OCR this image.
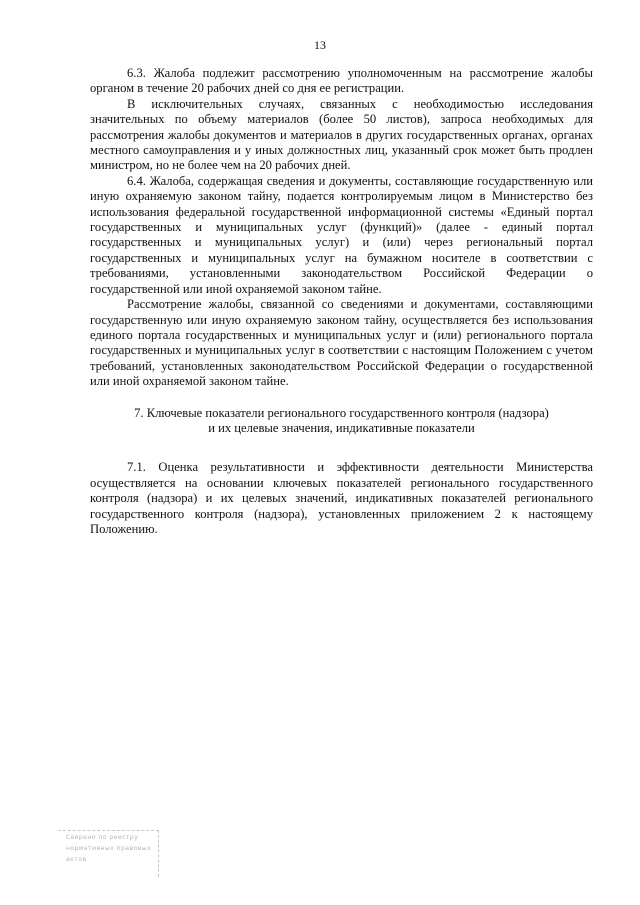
13

6.3. Жалоба подлежит рассмотрению уполномоченным на рассмотрение жалобы органом в течение 20 рабочих дней со дня ее регистрации.

В исключительных случаях, связанных с необходимостью исследования значительных по объему материалов (более 50 листов), запроса необходимых для рассмотрения жалобы документов и материалов в других государственных органах, органах местного самоуправления и у иных должностных лиц, указанный срок может быть продлен министром, но не более чем на 20 рабочих дней.

6.4. Жалоба, содержащая сведения и документы, составляющие государственную или иную охраняемую законом тайну, подается контролируемым лицом в Министерство без использования федеральной государственной информационной системы «Единый портал государственных и муниципальных услуг (функций)» (далее - единый портал государственных и муниципальных услуг) и (или) через региональный портал государственных и муниципальных услуг на бумажном носителе в соответствии с требованиями, установленными законодательством Российской Федерации о государственной или иной охраняемой законом тайне.

Рассмотрение жалобы, связанной со сведениями и документами, составляющими государственную или иную охраняемую законом тайну, осуществляется без использования единого портала государственных и муниципальных услуг и (или) регионального портала государственных и муниципальных услуг в соответствии с настоящим Положением с учетом требований, установленных законодательством Российской Федерации о государственной или иной охраняемой законом тайне.

7. Ключевые показатели регионального государственного контроля (надзора)
и их целевые значения, индикативные показатели

7.1. Оценка результативности и эффективности деятельности Министерства осуществляется на основании ключевых показателей регионального государственного контроля (надзора) и их целевых значений, индикативных показателей регионального государственного контроля (надзора), установленных приложением 2 к настоящему Положению.

Сверено по реестру
нормативных правовых
актов
